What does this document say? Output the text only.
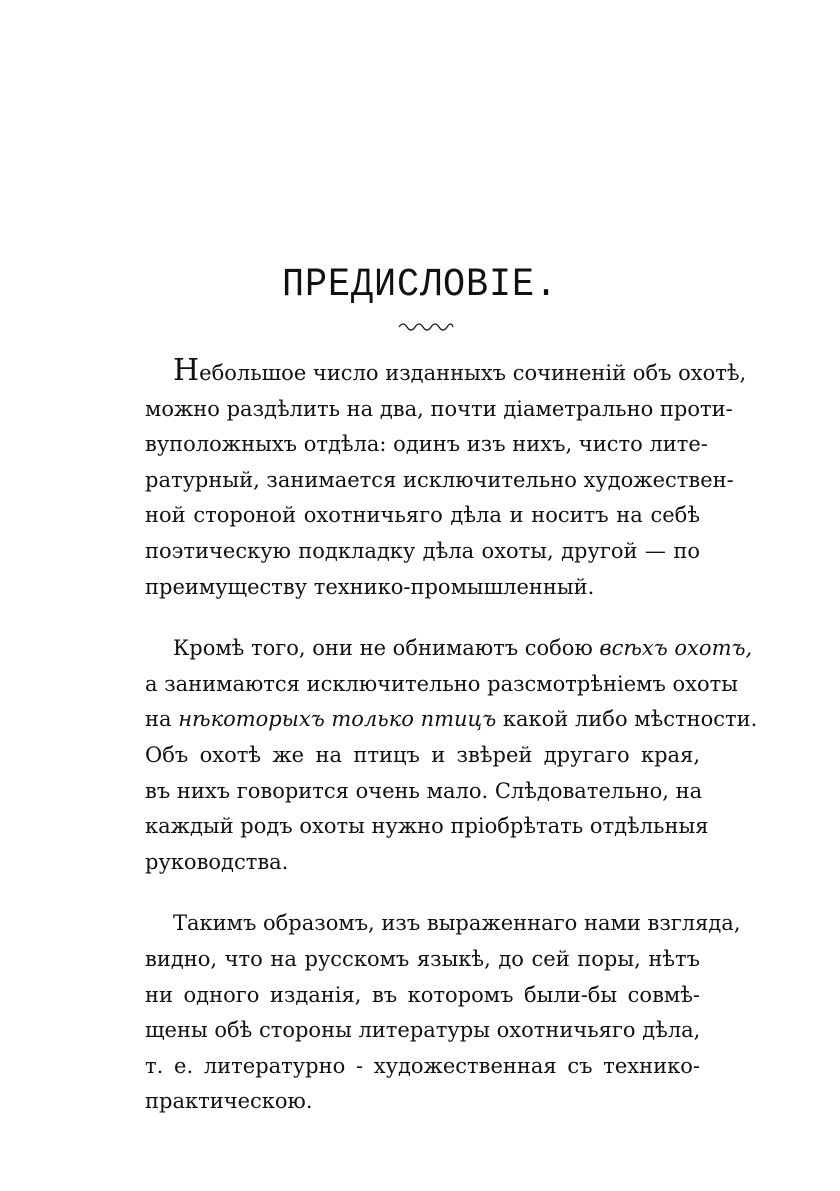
ПРЕДИСЛОВІЕ.
Небольшое число изданныхъ сочиненій объ охотѣ,
можно раздѣлить на два, почти діаметрально проти-
вуположныхъ отдѣла: одинъ изъ нихъ, чисто лите-
ратурный, занимается исключительно художествен-
ной стороной охотничьяго дѣла и носитъ на себѣ
поэтическую подкладку дѣла охоты, другой — по
преимуществу технико-промышленный.
Кромѣ того, они не обнимаютъ собою всѣхъ охотъ,
а занимаются исключительно разсмотрѣніемъ охоты
на нѣкоторыхъ только птицъ какой либо мѣстности.
Объ охотѣ же на птицъ и звѣрей другаго края,
въ нихъ говорится очень мало. Слѣдовательно, на
каждый родъ охоты нужно пріобрѣтать отдѣльныя
руководства.
Такимъ образомъ, изъ выраженнаго нами взгляда,
видно, что на русскомъ языкѣ, до сей поры, нѣтъ
ни одного изданія, въ которомъ были-бы совмѣ-
щены обѣ стороны литературы охотничьяго дѣла,
т. е. литературно - художественная съ технико-
практическою.
